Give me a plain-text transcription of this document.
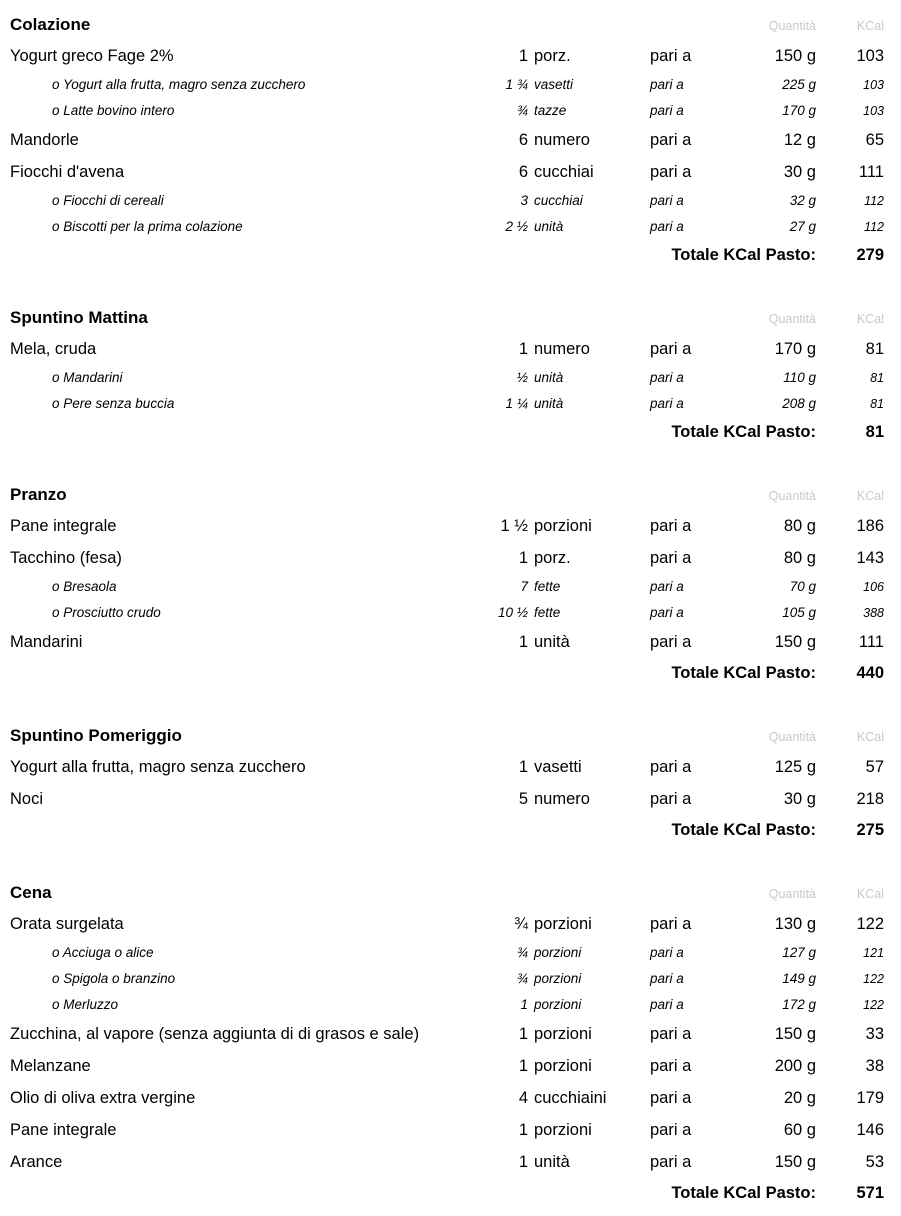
Colazione	Quantità	KCal
Yogurt greco Fage 2%	1 porz.	pari a	150 g	103
o Yogurt alla frutta, magro senza zucchero	1 ¾ vasetti	pari a	225 g	103
o Latte bovino intero	¾ tazze	pari a	170 g	103
Mandorle	6 numero	pari a	12 g	65
Fiocchi d'avena	6 cucchiai	pari a	30 g	111
o Fiocchi di cereali	3 cucchiai	pari a	32 g	112
o Biscotti per la prima colazione	2 ½ unità	pari a	27 g	112
Totale KCal Pasto:	279
Spuntino Mattina	Quantità	KCal
Mela, cruda	1 numero	pari a	170 g	81
o Mandarini	½ unità	pari a	110 g	81
o Pere senza buccia	1 ¼ unità	pari a	208 g	81
Totale KCal Pasto:	81
Pranzo	Quantità	KCal
Pane integrale	1 ½ porzioni	pari a	80 g	186
Tacchino (fesa)	1 porz.	pari a	80 g	143
o Bresaola	7 fette	pari a	70 g	106
o Prosciutto crudo	10 ½ fette	pari a	105 g	388
Mandarini	1 unità	pari a	150 g	111
Totale KCal Pasto:	440
Spuntino Pomeriggio	Quantità	KCal
Yogurt alla frutta, magro senza zucchero	1 vasetti	pari a	125 g	57
Noci	5 numero	pari a	30 g	218
Totale KCal Pasto:	275
Cena	Quantità	KCal
Orata surgelata	¾ porzioni	pari a	130 g	122
o Acciuga o alice	¾ porzioni	pari a	127 g	121
o Spigola o branzino	¾ porzioni	pari a	149 g	122
o Merluzzo	1 porzioni	pari a	172 g	122
Zucchina, al vapore (senza aggiunta di di grasos e sale)	1 porzioni	pari a	150 g	33
Melanzane	1 porzioni	pari a	200 g	38
Olio di oliva extra vergine	4 cucchiaini	pari a	20 g	179
Pane integrale	1 porzioni	pari a	60 g	146
Arance	1 unità	pari a	150 g	53
Totale KCal Pasto:	571
